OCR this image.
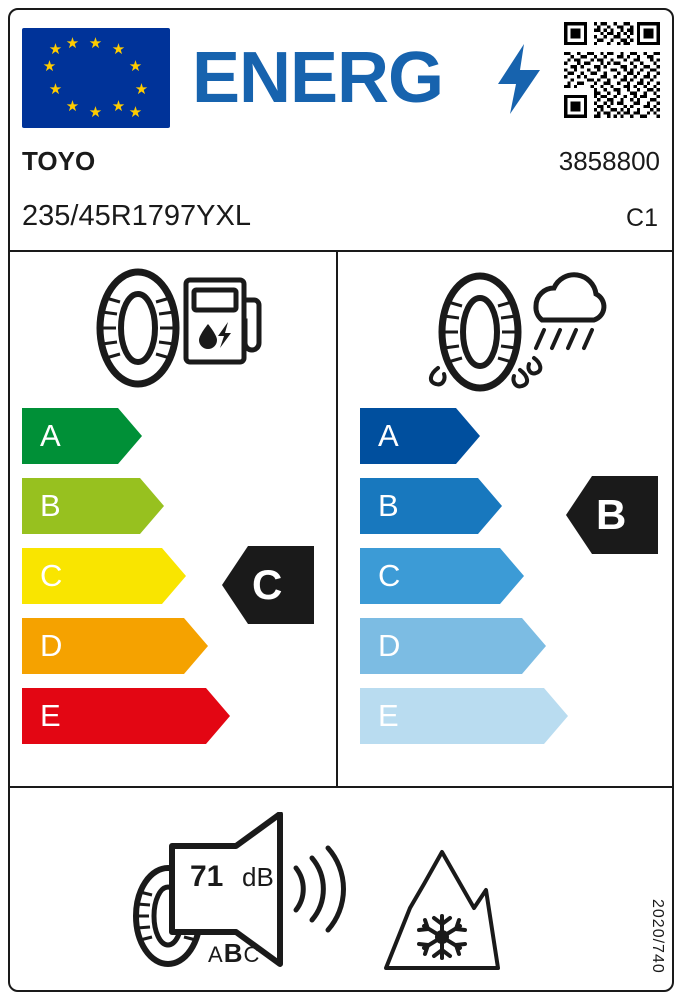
★ ★
★
★
★
★
★
★
★
★
★ ★ ENERG
TOYO	3858800
235/45R1797YXL	C1
A
B
C
D
E
C
A
B
C
D
E
B
71 dB
ABC	2020/740
